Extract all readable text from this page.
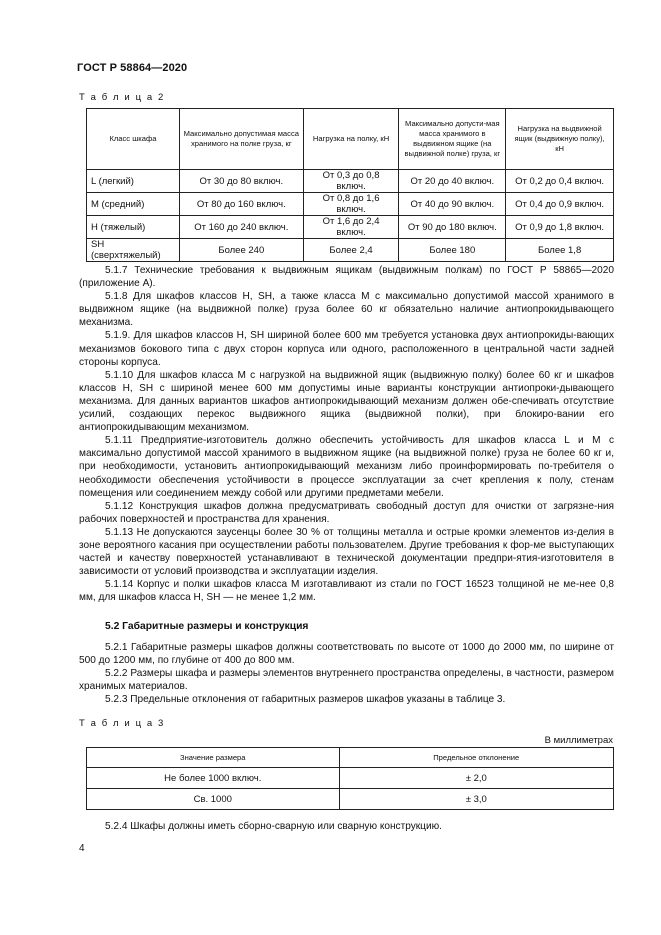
ГОСТ Р 58864—2020
Т а б л и ц а 2
Класс шкафа	Максимально допустимая масса хранимого на полке груза, кг	Нагрузка на полку, кН	Максимально допусти-мая масса хранимого в выдвижном ящике (на выдвижной полке) груза, кг	Нагрузка на выдвижной ящик (выдвижную полку), кН
L (легкий)	От 30 до 80 включ.	От 0,3 до 0,8 включ.	От 20 до 40 включ.	От 0,2 до 0,4 включ.
M (средний)	От 80 до 160 включ.	От 0,8 до 1,6 включ.	От 40 до 90 включ.	От 0,4 до 0,9 включ.
H (тяжелый)	От 160 до 240 включ.	От 1,6 до 2,4 включ.	От 90 до 180 включ.	От 0,9 до 1,8 включ.
SH (сверхтяжелый)	Более 240	Более 2,4	Более 180	Более 1,8

5.1.7 Технические требования к выдвижным ящикам (выдвижным полкам) по ГОСТ Р 58865—2020 (приложение А).

5.1.8 Для шкафов классов Н, SH, а также класса М с максимально допустимой массой хранимого в выдвижном ящике (на выдвижной полке) груза более 60 кг обязательно наличие антиопрокидывающего механизма.

5.1.9. Для шкафов классов Н, SH шириной более 600 мм требуется установка двух антиопрокиды-вающих механизмов бокового типа с двух сторон корпуса или одного, расположенного в центральной части задней стороны корпуса.

5.1.10 Для шкафов класса М с нагрузкой на выдвижной ящик (выдвижную полку) более 60 кг и шкафов классов Н, SH с шириной менее 600 мм допустимы иные варианты конструкции антиопроки-дывающего механизма. Для данных вариантов шкафов антиопрокидывающий механизм должен обе-спечивать отсутствие усилий, создающих перекос выдвижного ящика (выдвижной полки), при блокиро-вании его антиопрокидывающим механизмом.

5.1.11 Предприятие-изготовитель должно обеспечить устойчивость для шкафов класса L и М с максимально допустимой массой хранимого в выдвижном ящике (на выдвижной полке) груза не более 60 кг и, при необходимости, установить антиопрокидывающий механизм либо проинформировать по-требителя о необходимости обеспечения устойчивости в процессе эксплуатации за счет крепления к полу, стенам помещения или соединением между собой или другими предметами мебели.

5.1.12 Конструкция шкафов должна предусматривать свободный доступ для очистки от загрязне-ния рабочих поверхностей и пространства для хранения.

5.1.13 Не допускаются заусенцы более 30 % от толщины металла и острые кромки элементов из-делия в зоне вероятного касания при осуществлении работы пользователем. Другие требования к фор-ме выступающих частей и качеству поверхностей устанавливают в технической документации предпри-ятия-изготовителя в зависимости от условий производства и эксплуатации изделия.

5.1.14 Корпус и полки шкафов класса М изготавливают из стали по ГОСТ 16523 толщиной не ме-нее 0,8 мм, для шкафов класса Н, SH — не менее 1,2 мм.

5.2 Габаритные размеры и конструкция

5.2.1 Габаритные размеры шкафов должны соответствовать по высоте от 1000 до 2000 мм, по ширине от 500 до 1200 мм, по глубине от 400 до 800 мм.

5.2.2 Размеры шкафа и размеры элементов внутреннего пространства определены, в частности, размером хранимых материалов.

5.2.3 Предельные отклонения от габаритных размеров шкафов указаны в таблице 3.

Т а б л и ц а 3
В миллиметрах
Значение размера	Предельное отклонение
Не более 1000 включ.	± 2,0
Св. 1000	± 3,0

5.2.4 Шкафы должны иметь сборно-сварную или сварную конструкцию.

4
